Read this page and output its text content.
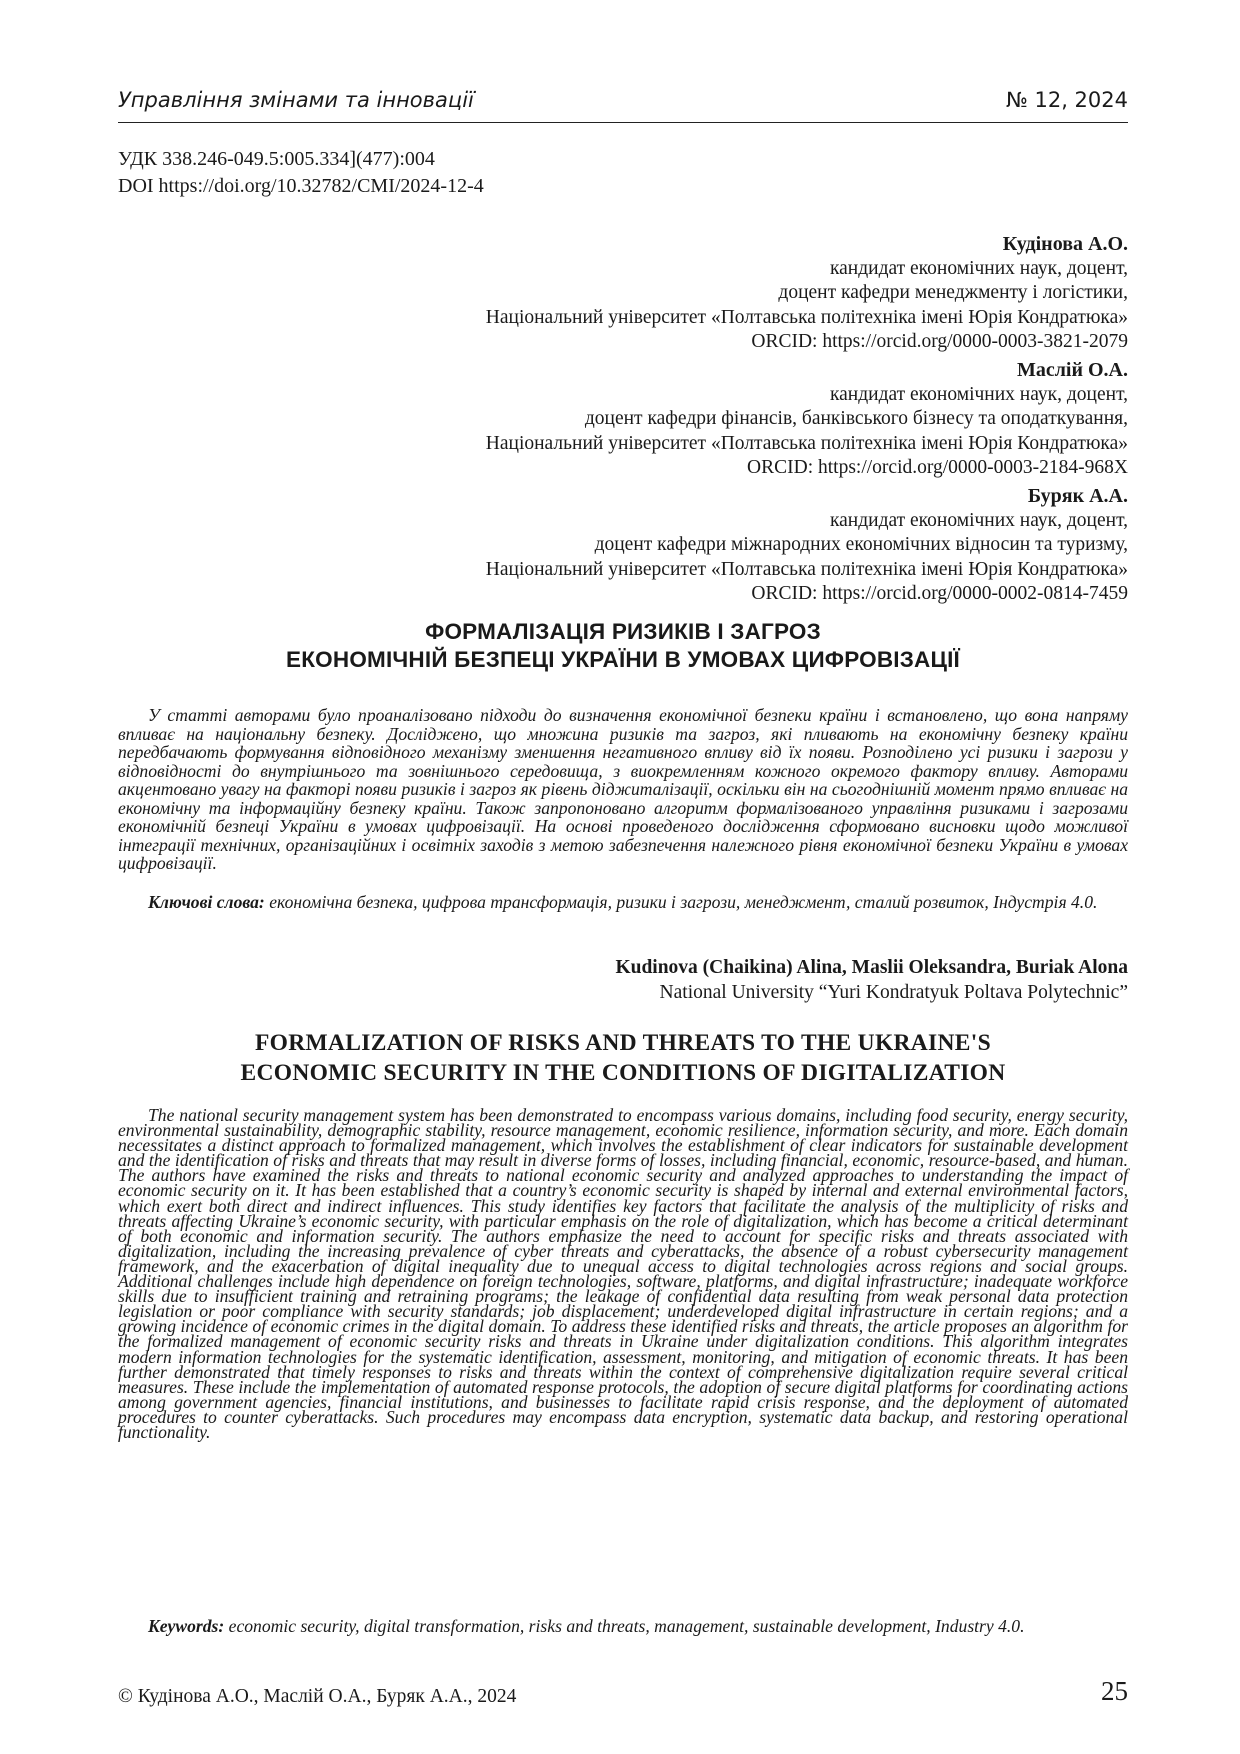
Управління змінами та інновації	№ 12, 2024
УДК 338.246-049.5:005.334](477):004
DOI https://doi.org/10.32782/CMI/2024-12-4
Кудінова А.О.
кандидат економічних наук, доцент,
доцент кафедри менеджменту і логістики,
Національний університет «Полтавська політехніка імені Юрія Кондратюка»
ORCID: https://orcid.org/0000-0003-3821-2079
Маслій О.А.
кандидат економічних наук, доцент,
доцент кафедри фінансів, банківського бізнесу та оподаткування,
Національний університет «Полтавська політехніка імені Юрія Кондратюка»
ORCID: https://orcid.org/0000-0003-2184-968X
Буряк А.А.
кандидат економічних наук, доцент,
доцент кафедри міжнародних економічних відносин та туризму,
Національний університет «Полтавська політехніка імені Юрія Кондратюка»
ORCID: https://orcid.org/0000-0002-0814-7459
ФОРМАЛІЗАЦІЯ РИЗИКІВ І ЗАГРОЗ
ЕКОНОМІЧНІЙ БЕЗПЕЦІ УКРАЇНИ В УМОВАХ ЦИФРОВІЗАЦІЇ
У статті авторами було проаналізовано підходи до визначення економічної безпеки країни і встановлено, що вона напряму впливає на національну безпеку. Досліджено, що множина ризиків та загроз, які пливають на економічну безпеку країни передбачають формування відповідного механізму зменшення негативного впливу від їх появи. Розподілено усі ризики і загрози у відповідності до внутрішнього та зовнішнього середовища, з виокремленням кожного окремого фактору впливу. Авторами акцентовано увагу на факторі появи ризиків і загроз як рівень діджиталізації, оскільки він на сьогоднішній момент прямо впливає на економічну та інформаційну безпеку країни. Також запропоновано алгоритм формалізованого управління ризиками і загрозами економічній безпеці України в умовах цифровізації. На основі проведеного дослідження сформовано висновки щодо можливої інтеграції технічних, організаційних і освітніх заходів з метою забезпечення належного рівня економічної безпеки України в умовах цифровізації.
Ключові слова: економічна безпека, цифрова трансформація, ризики і загрози, менеджмент, сталий розвиток, Індустрія 4.0.
Kudinova (Chaikina) Alina, Maslii Oleksandra, Buriak Alona
National University “Yuri Kondratyuk Poltava Polytechnic”
FORMALIZATION OF RISKS AND THREATS TO THE UKRAINE'S
ECONOMIC SECURITY IN THE CONDITIONS OF DIGITALIZATION
The national security management system has been demonstrated to encompass various domains, including food security, energy security, environmental sustainability, demographic stability, resource management, economic resilience, information security, and more. Each domain necessitates a distinct approach to formalized management, which involves the establishment of clear indicators for sustainable development and the identification of risks and threats that may result in diverse forms of losses, including financial, economic, resource-based, and human. The authors have examined the risks and threats to national economic security and analyzed approaches to understanding the impact of economic security on it. It has been established that a country’s economic security is shaped by internal and external environmental factors, which exert both direct and indirect influences. This study identifies key factors that facilitate the analysis of the multiplicity of risks and threats affecting Ukraine’s economic security, with particular emphasis on the role of digitalization, which has become a critical determinant of both economic and information security. The authors emphasize the need to account for specific risks and threats associated with digitalization, including the increasing prevalence of cyber threats and cyberattacks, the absence of a robust cybersecurity management framework, and the exacerbation of digital inequality due to unequal access to digital technologies across regions and social groups. Additional challenges include high dependence on foreign technologies, software, platforms, and digital infrastructure; inadequate workforce skills due to insufficient training and retraining programs; the leakage of confidential data resulting from weak personal data protection legislation or poor compliance with security standards; job displacement; underdeveloped digital infrastructure in certain regions; and a growing incidence of economic crimes in the digital domain. To address these identified risks and threats, the article proposes an algorithm for the formalized management of economic security risks and threats in Ukraine under digitalization conditions. This algorithm integrates modern information technologies for the systematic identification, assessment, monitoring, and mitigation of economic threats. It has been further demonstrated that timely responses to risks and threats within the context of comprehensive digitalization require several critical measures. These include the implementation of automated response protocols, the adoption of secure digital platforms for coordinating actions among government agencies, financial institutions, and businesses to facilitate rapid crisis response, and the deployment of automated procedures to counter cyberattacks. Such procedures may encompass data encryption, systematic data backup, and restoring operational functionality.
Keywords: economic security, digital transformation, risks and threats, management, sustainable development, Industry 4.0.
© Кудінова А.О., Маслій О.А., Буряк А.А., 2024	25
